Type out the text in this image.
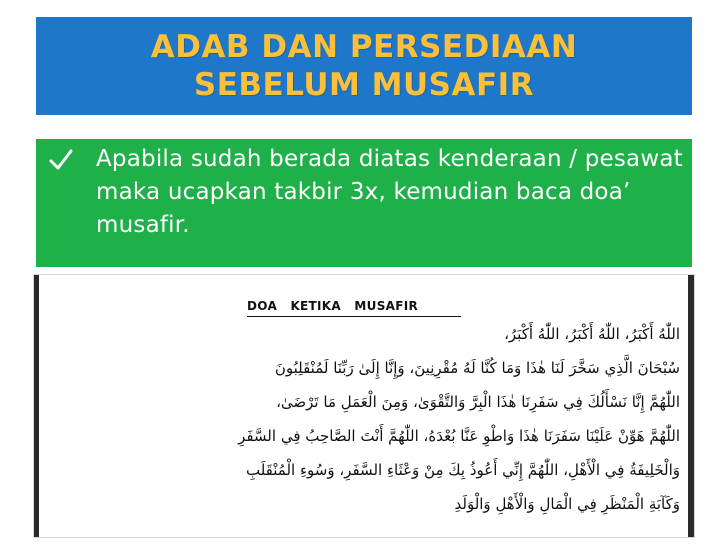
ADAB DAN PERSEDIAAN SEBELUM MUSAFIR
Apabila sudah berada diatas kenderaan / pesawat maka ucapkan takbir 3x, kemudian baca doa’ musafir.
DOA   KETIKA   MUSAFIR
اللّٰهُ أَكْبَرُ، اللّٰهُ أَكْبَرُ، اللّٰهُ أَكْبَرُ،
سُبْحَانَ الَّذِي سَخَّرَ لَنَا هٰذَا وَمَا كُنَّا لَهُ مُقْرِنِينَ، وَإِنَّا إِلَىٰ رَبِّنَا لَمُنْقَلِبُونَ
اللّٰهُمَّ إِنَّا نَسْأَلُكَ فِي سَفَرِنَا هٰذَا الْبِرَّ وَالتَّقْوَىٰ، وَمِنَ الْعَمَلِ مَا تَرْضَىٰ،
اللّٰهُمَّ هَوِّنْ عَلَيْنَا سَفَرَنَا هٰذَا وَاطْوِ عَنَّا بُعْدَهُ، اللّٰهُمَّ أَنْتَ الصَّاحِبُ فِي السَّفَرِ
وَالْخَلِيفَةُ فِي الْأَهْلِ، اللّٰهُمَّ إِنِّي أَعُوذُ بِكَ مِنْ وَعْثَاءِ السَّفَرِ، وَسُوءِ الْمُنْقَلَبِ
وَكَآبَةِ الْمَنْظَرِ فِي الْمَالِ وَالْأَهْلِ وَالْوَلَدِ
